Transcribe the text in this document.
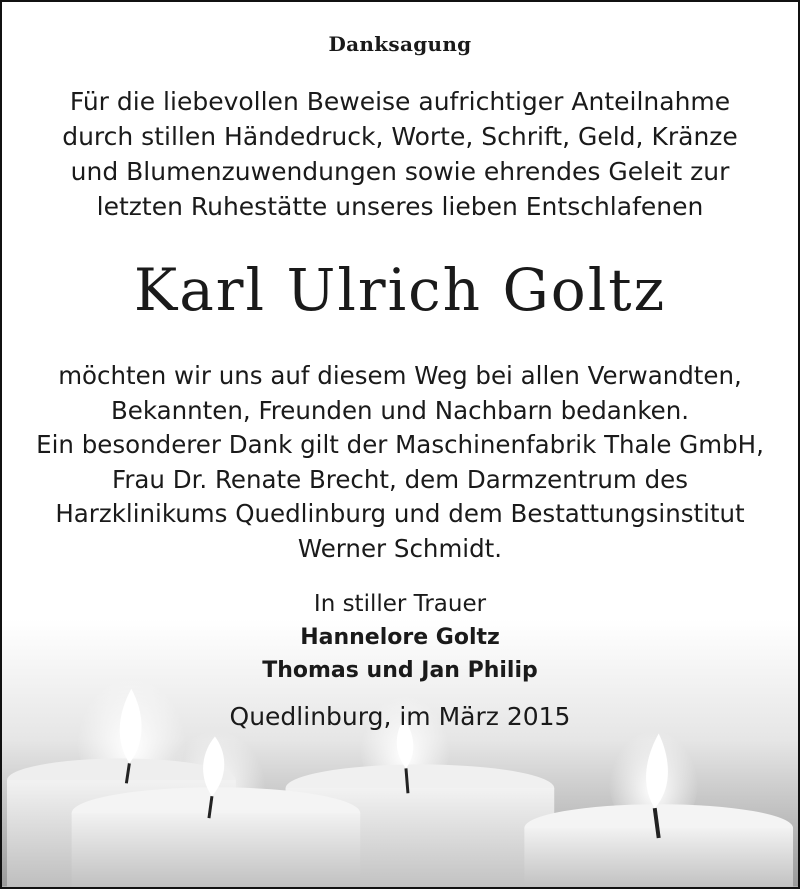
Danksagung
Für die liebevollen Beweise aufrichtiger Anteilnahme
durch stillen Händedruck, Worte, Schrift, Geld, Kränze
und Blumenzuwendungen sowie ehrendes Geleit zur
letzten Ruhestätte unseres lieben Entschlafenen
Karl Ulrich Goltz
möchten wir uns auf diesem Weg bei allen Verwandten,
Bekannten, Freunden und Nachbarn bedanken.
Ein besonderer Dank gilt der Maschinenfabrik Thale GmbH,
Frau Dr. Renate Brecht, dem Darmzentrum des
Harzklinikums Quedlinburg und dem Bestattungsinstitut
Werner Schmidt.
In stiller Trauer
Hannelore Goltz
Thomas und Jan Philip
Quedlinburg, im März 2015
